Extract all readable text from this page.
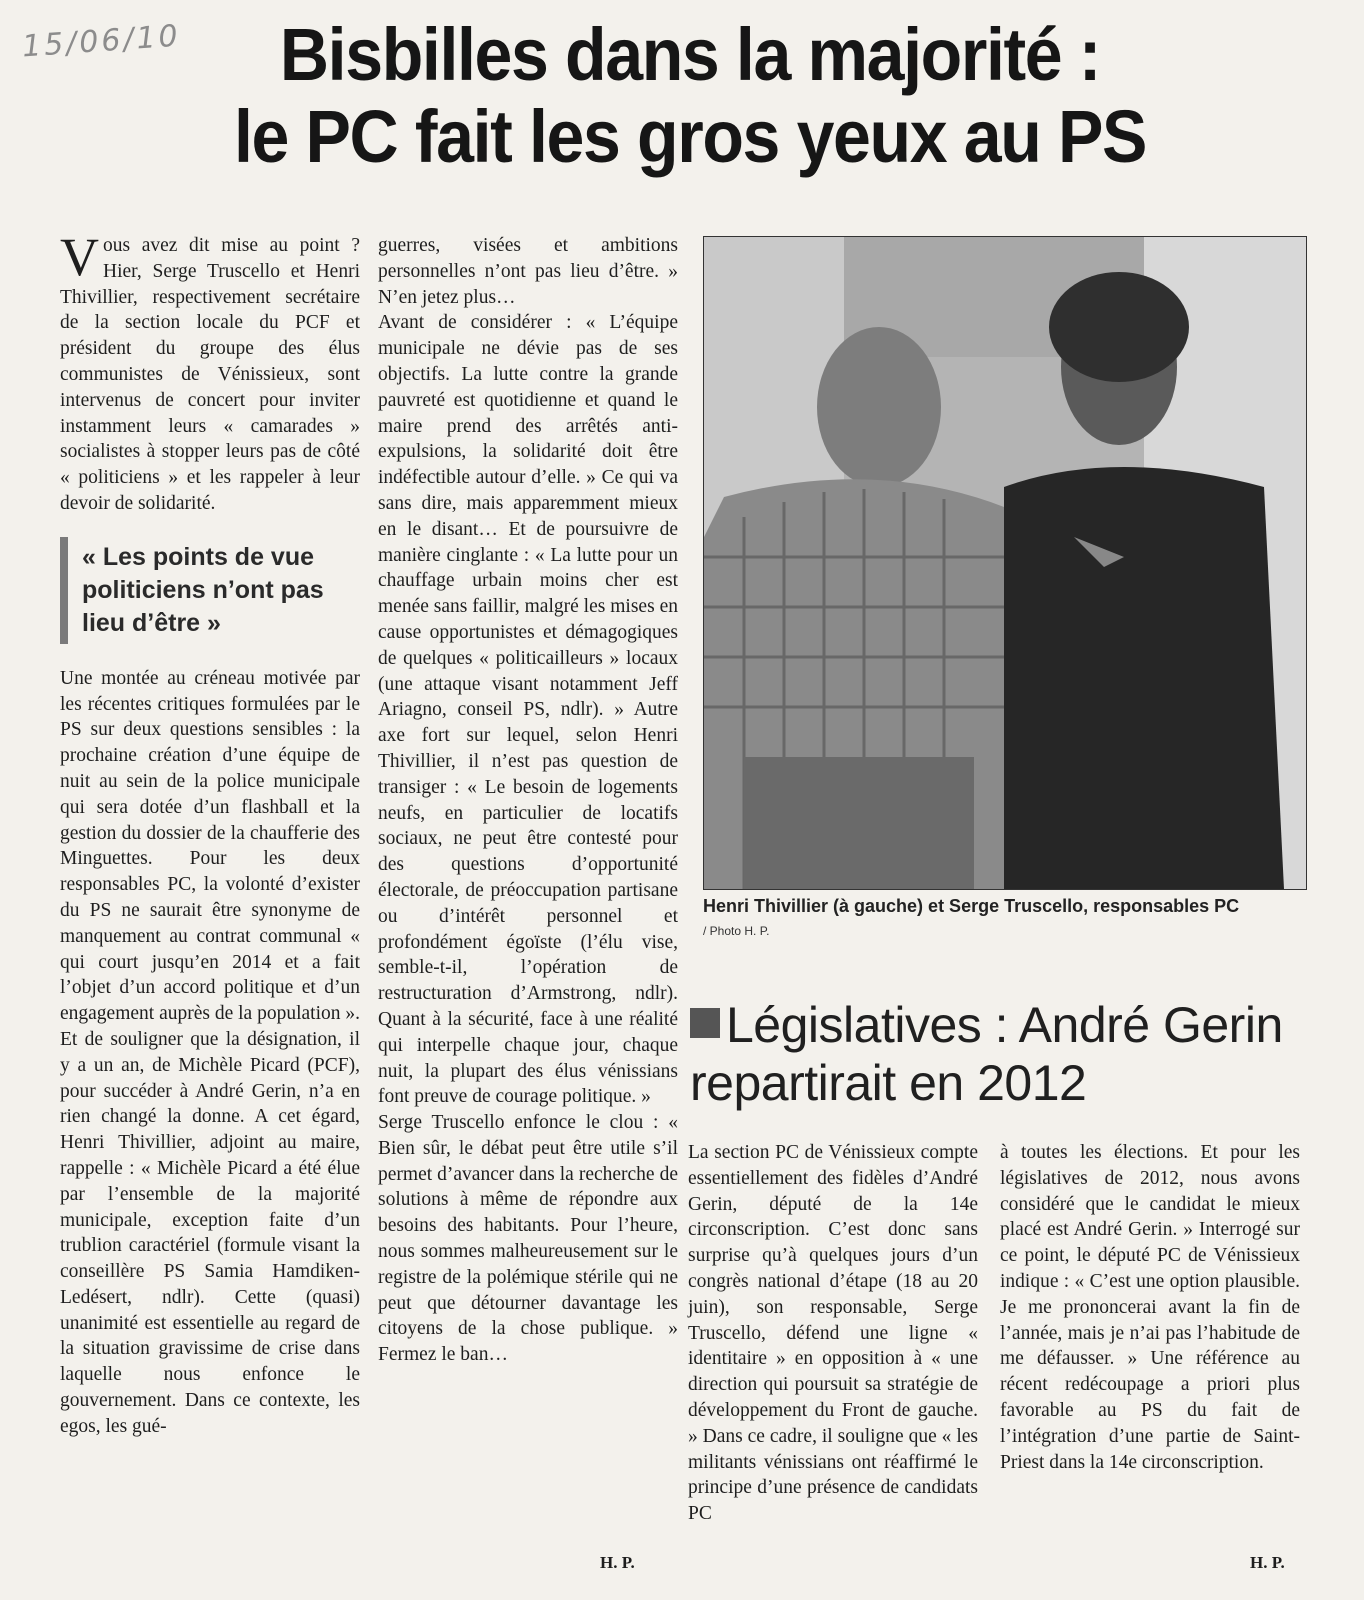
15/06/10	Bisbilles dans la majorité :
le PC fait les gros yeux au PS

Vous avez dit mise au point ? Hier, Serge Truscello et Henri Thivillier, respectivement secrétaire de la section locale du PCF et président du groupe des élus communistes de Vénissieux, sont intervenus de concert pour inviter instamment leurs « camarades » socialistes à stopper leurs pas de côté « politiciens » et les rappeler à leur devoir de solidarité.

« Les points de vue politiciens n’ont pas lieu d’être »

Une montée au créneau motivée par les récentes critiques formulées par le PS sur deux questions sensibles : la prochaine création d’une équipe de nuit au sein de la police municipale qui sera dotée d’un flashball et la gestion du dossier de la chaufferie des Minguettes. Pour les deux responsables PC, la volonté d’exister du PS ne saurait être synonyme de manquement au contrat communal « qui court jusqu’en 2014 et a fait l’objet d’un accord politique et d’un engagement auprès de la population ». Et de souligner que la désignation, il y a un an, de Michèle Picard (PCF), pour succéder à André Gerin, n’a en rien changé la donne. A cet égard, Henri Thivillier, adjoint au maire, rappelle : « Michèle Picard a été élue par l’ensemble de la majorité municipale, exception faite d’un trublion caractériel (formule visant la conseillère PS Samia Hamdiken-Ledésert, ndlr). Cette (quasi) unanimité est essentielle au regard de la situation gravissime de crise dans laquelle nous enfonce le gouvernement. Dans ce contexte, les egos, les gué-

guerres, visées et ambitions personnelles n’ont pas lieu d’être. » N’en jetez plus…

Avant de considérer : « L’équipe municipale ne dévie pas de ses objectifs. La lutte contre la grande pauvreté est quotidienne et quand le maire prend des arrêtés anti-expulsions, la solidarité doit être indéfectible autour d’elle. » Ce qui va sans dire, mais apparemment mieux en le disant… Et de poursuivre de manière cinglante : « La lutte pour un chauffage urbain moins cher est menée sans faillir, malgré les mises en cause opportunistes et démagogiques de quelques « politicailleurs » locaux (une attaque visant notamment Jeff Ariagno, conseil PS, ndlr). » Autre axe fort sur lequel, selon Henri Thivillier, il n’est pas question de transiger : « Le besoin de logements neufs, en particulier de locatifs sociaux, ne peut être contesté pour des questions d’opportunité électorale, de préoccupation partisane ou d’intérêt personnel et profondément égoïste (l’élu vise, semble-t-il, l’opération de restructuration d’Armstrong, ndlr). Quant à la sécurité, face à une réalité qui interpelle chaque jour, chaque nuit, la plupart des élus vénissians font preuve de courage politique. »

Serge Truscello enfonce le clou : « Bien sûr, le débat peut être utile s’il permet d’avancer dans la recherche de solutions à même de répondre aux besoins des habitants. Pour l’heure, nous sommes malheureusement sur le registre de la polémique stérile qui ne peut que détourner davantage les citoyens de la chose publique. » Fermez le ban…

H. P.
Henri Thivillier (à gauche) et Serge Truscello, responsables PC
/ Photo H. P.
Législatives : André Gerin repartirait en 2012

La section PC de Vénissieux compte essentiellement des fidèles d’André Gerin, député de la 14e circonscription. C’est donc sans surprise qu’à quelques jours d’un congrès national d’étape (18 au 20 juin), son responsable, Serge Truscello, défend une ligne « identitaire » en opposition à « une direction qui poursuit sa stratégie de développement du Front de gauche. » Dans ce cadre, il souligne que « les militants vénissians ont réaffirmé le principe d’une présence de candidats PC

à toutes les élections. Et pour les législatives de 2012, nous avons considéré que le candidat le mieux placé est André Gerin. » Interrogé sur ce point, le député PC de Vénissieux indique : « C’est une option plausible. Je me prononcerai avant la fin de l’année, mais je n’ai pas l’habitude de me défausser. » Une référence au récent redécoupage a priori plus favorable au PS du fait de l’intégration d’une partie de Saint-Priest dans la 14e circonscription.

H. P.
